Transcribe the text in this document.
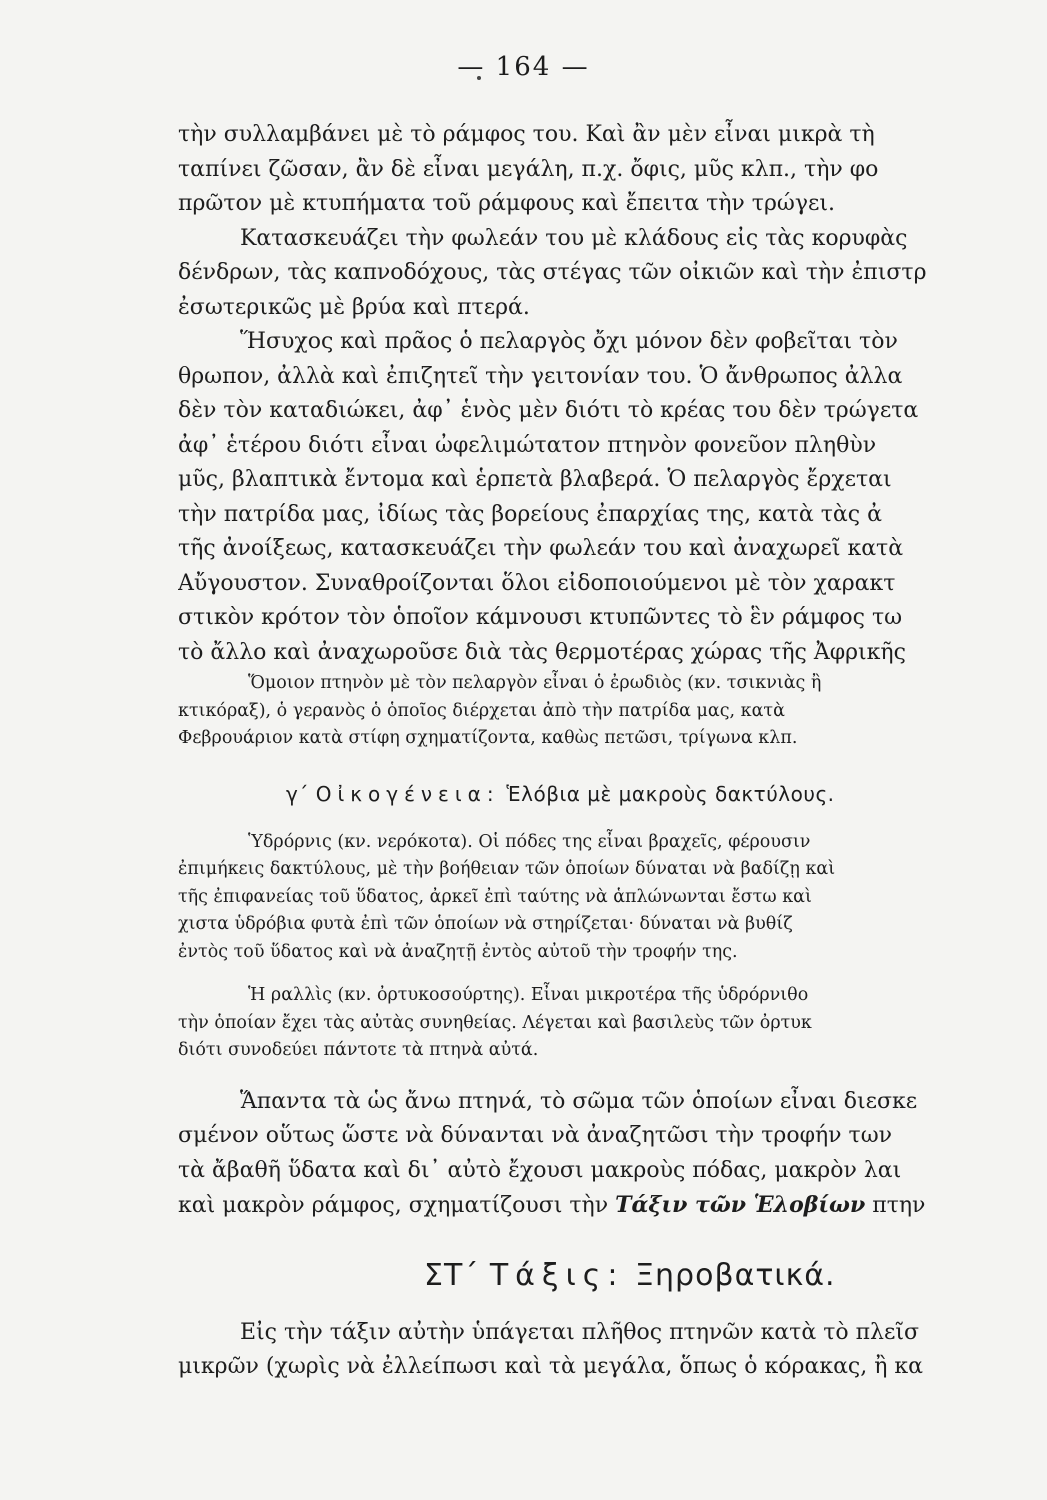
— 164 —
τὴν συλλαμβάνει μὲ τὸ ράμφος του. Καὶ ἂν μὲν εἶναι μικρὰ τὴ
ταπίνει ζῶσαν, ἂν δὲ εἶναι μεγάλη, π.χ. ὄφις, μῦς κλπ., τὴν φο
πρῶτον μὲ κτυπήματα τοῦ ράμφους καὶ ἔπειτα τὴν τρώγει.
Κατασκευάζει τὴν φωλεάν του μὲ κλάδους εἰς τὰς κορυφὰς
δένδρων, τὰς καπνοδόχους, τὰς στέγας τῶν οἰκιῶν καὶ τὴν ἐπιστρ
ἐσωτερικῶς μὲ βρύα καὶ πτερά.
Ἥσυχος καὶ πρᾶος ὁ πελαργὸς ὄχι μόνον δὲν φοβεῖται τὸν
θρωπον, ἀλλὰ καὶ ἐπιζητεῖ τὴν γειτονίαν του. Ὁ ἄνθρωπος ἀλλα
δὲν τὸν καταδιώκει, ἀφ᾿ ἑνὸς μὲν διότι τὸ κρέας του δὲν τρώγετα
ἀφ᾿ ἑτέρου διότι εἶναι ὠφελιμώτατον πτηνὸν φονεῦον πληθὺν
μῦς, βλαπτικὰ ἔντομα καὶ ἑρπετὰ βλαβερά. Ὁ πελαργὸς ἔρχεται
τὴν πατρίδα μας, ἰδίως τὰς βορείους ἐπαρχίας της, κατὰ τὰς ἀ
τῆς ἀνοίξεως, κατασκευάζει τὴν φωλεάν του καὶ ἀναχωρεῖ κατὰ
Αὔγουστον. Συναθροίζονται ὅλοι εἰδοποιούμενοι μὲ τὸν χαρακτ
στικὸν κρότον τὸν ὁποῖον κάμνουσι κτυπῶντες τὸ ἓν ράμφος τω
τὸ ἄλλο καὶ ἀναχωροῦσε διὰ τὰς θερμοτέρας χώρας τῆς Ἀφρικῆς
Ὅμοιον πτηνὸν μὲ τὸν πελαργὸν εἶναι ὁ ἐρωδιὸς (κν. τσικνιὰς ἢ
κτικόραξ), ὁ γερανὸς ὁ ὁποῖος διέρχεται ἀπὸ τὴν πατρίδα μας, κατὰ
Φεβρουάριον κατὰ στίφη σχηματίζοντα, καθὼς πετῶσι, τρίγωνα κλπ.
γ΄ Οἰκογένεια: Ἑλόβια μὲ μακροὺς δακτύλους.
Ὑδρόρνις (κν. νερόκοτα). Οἱ πόδες της εἶναι βραχεῖς, φέρουσιν
ἐπιμήκεις δακτύλους, μὲ τὴν βοήθειαν τῶν ὁποίων δύναται νὰ βαδίζῃ καὶ
τῆς ἐπιφανείας τοῦ ὕδατος, ἀρκεῖ ἐπὶ ταύτης νὰ ἁπλώνωνται ἔστω καὶ
χιστα ὑδρόβια φυτὰ ἐπὶ τῶν ὁποίων νὰ στηρίζεται· δύναται νὰ βυθίζ
ἐντὸς τοῦ ὕδατος καὶ νὰ ἀναζητῇ ἐντὸς αὐτοῦ τὴν τροφήν της.
Ἡ ραλλὶς (κν. ὀρτυκοσούρτης). Εἶναι μικροτέρα τῆς ὑδρόρνιθο
τὴν ὁποίαν ἔχει τὰς αὐτὰς συνηθείας. Λέγεται καὶ βασιλεὺς τῶν ὀρτυκ
διότι συνοδεύει πάντοτε τὰ πτηνὰ αὐτά.
Ἅπαντα τὰ ὡς ἄνω πτηνά, τὸ σῶμα τῶν ὁποίων εἶναι διεσκε
σμένον οὕτως ὥστε νὰ δύνανται νὰ ἀναζητῶσι τὴν τροφήν των
τὰ ἄβαθῆ ὕδατα καὶ δι᾿ αὐτὸ ἔχουσι μακροὺς πόδας, μακρὸν λαι
καὶ μακρὸν ράμφος, σχηματίζουσι τὴν Τάξιν τῶν Ἑλοβίων πτην
ΣΤ΄ Τάξις: Ξηροβατικά.
Εἰς τὴν τάξιν αὐτὴν ὑπάγεται πλῆθος πτηνῶν κατὰ τὸ πλεῖσ
μικρῶν (χωρὶς νὰ ἐλλείπωσι καὶ τὰ μεγάλα, ὅπως ὁ κόρακας, ἢ κα
